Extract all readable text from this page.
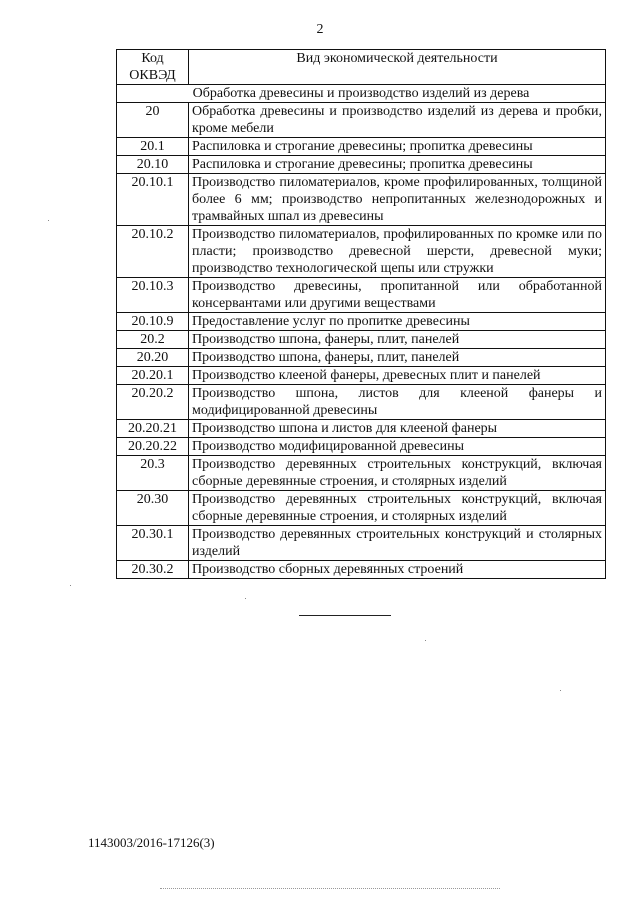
2
Код ОКВЭД	Вид экономической деятельности
Обработка древесины и производство изделий из дерева	
20	Обработка древесины и производство изделий из дерева и пробки, кроме мебели
20.1	Распиловка и строгание древесины; пропитка древесины
20.10	Распиловка и строгание древесины; пропитка древесины
20.10.1	Производство пиломатериалов, кроме профилированных, толщиной более 6 мм; производство непропитанных железнодорожных и трамвайных шпал из древесины
20.10.2	Производство пиломатериалов, профилированных по кромке или по пласти; производство древесной шерсти, древесной муки; производство технологической щепы или стружки
20.10.3	Производство древесины, пропитанной или обработанной консервантами или другими веществами
20.10.9	Предоставление услуг по пропитке древесины
20.2	Производство шпона, фанеры, плит, панелей
20.20	Производство шпона, фанеры, плит, панелей
20.20.1	Производство клееной фанеры, древесных плит и панелей
20.20.2	Производство шпона, листов для клееной фанеры и модифицированной древесины
20.20.21	Производство шпона и листов для клееной фанеры
20.20.22	Производство модифицированной древесины
20.3	Производство деревянных строительных конструкций, включая сборные деревянные строения, и столярных изделий
20.30	Производство деревянных строительных конструкций, включая сборные деревянные строения, и столярных изделий
20.30.1	Производство деревянных строительных конструкций и столярных изделий
20.30.2	Производство сборных деревянных строений
1143003/2016-17126(3)
